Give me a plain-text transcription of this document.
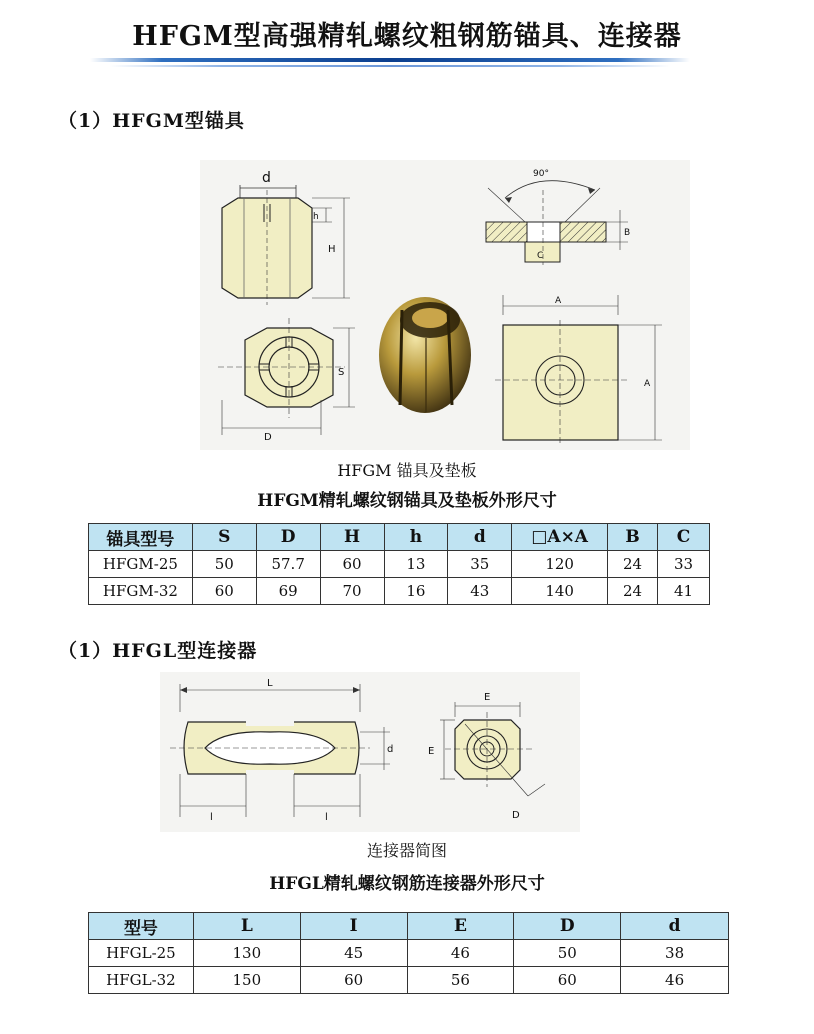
HFGM型高强精轧螺纹粗钢筋锚具、连接器
（1）HFGM型锚具
d
h
H
S
D
90°
C
B
A
A
HFGM 锚具及垫板
HFGM精轧螺纹钢锚具及垫板外形尺寸
锚具型号	S	D	H	h	d	□A×A	B	C
HFGM-25	50	57.7	60	13	35	120	24	33
HFGM-32	60	69	70	16	43	140	24	41
（1）HFGL型连接器
L
d
l	l
E
E
D
连接器简图
HFGL精轧螺纹钢筋连接器外形尺寸
型号	L	I	E	D	d
HFGL-25	130	45	46	50	38
HFGL-32	150	60	56	60	46
